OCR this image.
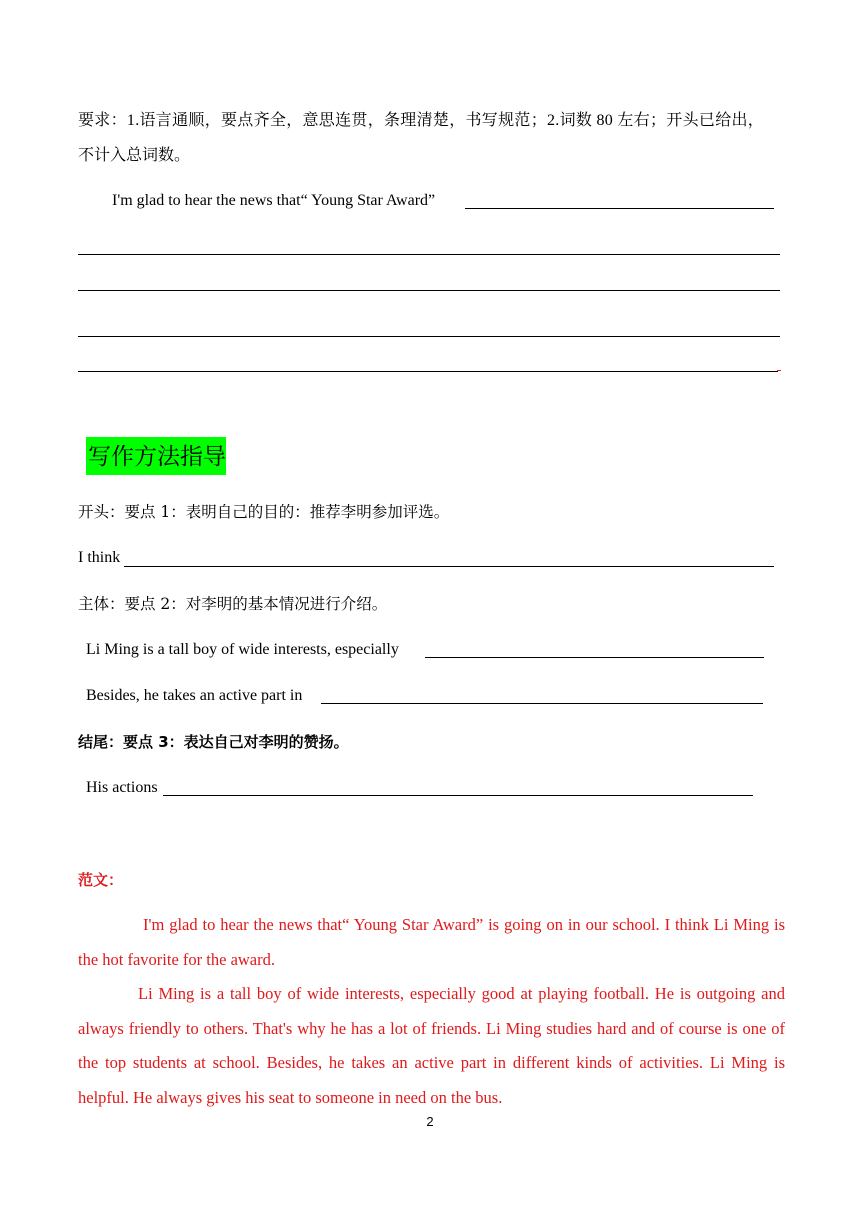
要求：1.语言通顺，要点齐全，意思连贯，条理清楚，书写规范；2.词数 80 左右；开头已给出，
不计入总词数。
I'm glad to hear the news that“ Young Star Award”
写作方法指导
开头：要点 1：表明自己的目的：推荐李明参加评选。
I think
主体：要点 2：对李明的基本情况进行介绍。
Li Ming is a tall boy of wide interests, especially
Besides, he takes an active part in
结尾：要点 3：表达自己对李明的赞扬。
His actions
范文：
I'm glad to hear the news that“ Young Star Award” is going on in our school. I think Li Ming is the hot favorite for the award.
Li Ming is a tall boy of wide interests, especially good at playing football. He is outgoing and always friendly to others. That's why he has a lot of friends. Li Ming studies hard and of course is one of the top students at school. Besides, he takes an active part in different kinds of activities. Li Ming is helpful. He always gives his seat to someone in need on the bus.
2
